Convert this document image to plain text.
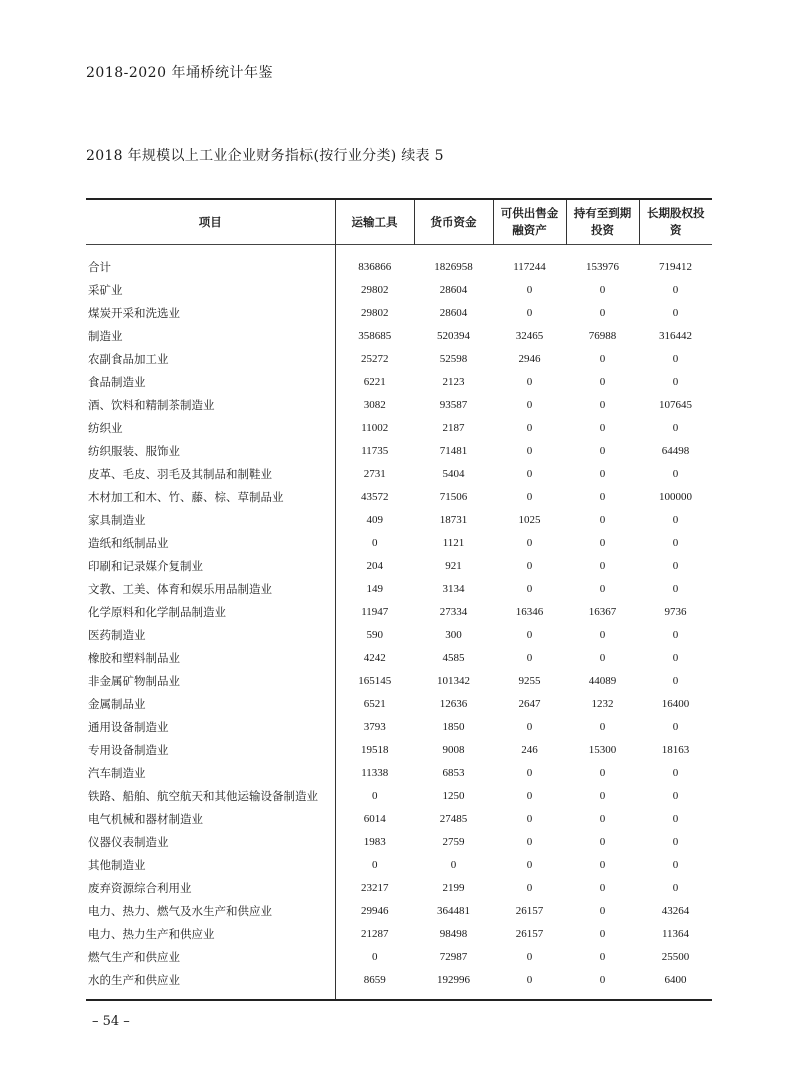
2018-2020 年埇桥统计年鉴
2018 年规模以上工业企业财务指标(按行业分类) 续表 5
项目	运输工具	货币资金	可供出售金融资产	持有至到期投资	长期股权投资
合计	836866	1826958	117244	153976	719412
采矿业	29802	28604	0	0	0
煤炭开采和洗选业	29802	28604	0	0	0
制造业	358685	520394	32465	76988	316442
农副食品加工业	25272	52598	2946	0	0
食品制造业	6221	2123	0	0	0
酒、饮料和精制茶制造业	3082	93587	0	0	107645
纺织业	11002	2187	0	0	0
纺织服装、服饰业	11735	71481	0	0	64498
皮革、毛皮、羽毛及其制品和制鞋业	2731	5404	0	0	0
木材加工和木、竹、藤、棕、草制品业	43572	71506	0	0	100000
家具制造业	409	18731	1025	0	0
造纸和纸制品业	0	1121	0	0	0
印刷和记录媒介复制业	204	921	0	0	0
文教、工美、体育和娱乐用品制造业	149	3134	0	0	0
化学原料和化学制品制造业	11947	27334	16346	16367	9736
医药制造业	590	300	0	0	0
橡胶和塑料制品业	4242	4585	0	0	0
非金属矿物制品业	165145	101342	9255	44089	0
金属制品业	6521	12636	2647	1232	16400
通用设备制造业	3793	1850	0	0	0
专用设备制造业	19518	9008	246	15300	18163
汽车制造业	11338	6853	0	0	0
铁路、船舶、航空航天和其他运输设备制造业	0	1250	0	0	0
电气机械和器材制造业	6014	27485	0	0	0
仪器仪表制造业	1983	2759	0	0	0
其他制造业	0	0	0	0	0
废弃资源综合利用业	23217	2199	0	0	0
电力、热力、燃气及水生产和供应业	29946	364481	26157	0	43264
电力、热力生产和供应业	21287	98498	26157	0	11364
燃气生产和供应业	0	72987	0	0	25500
水的生产和供应业	8659	192996	0	0	6400
– 54 –
